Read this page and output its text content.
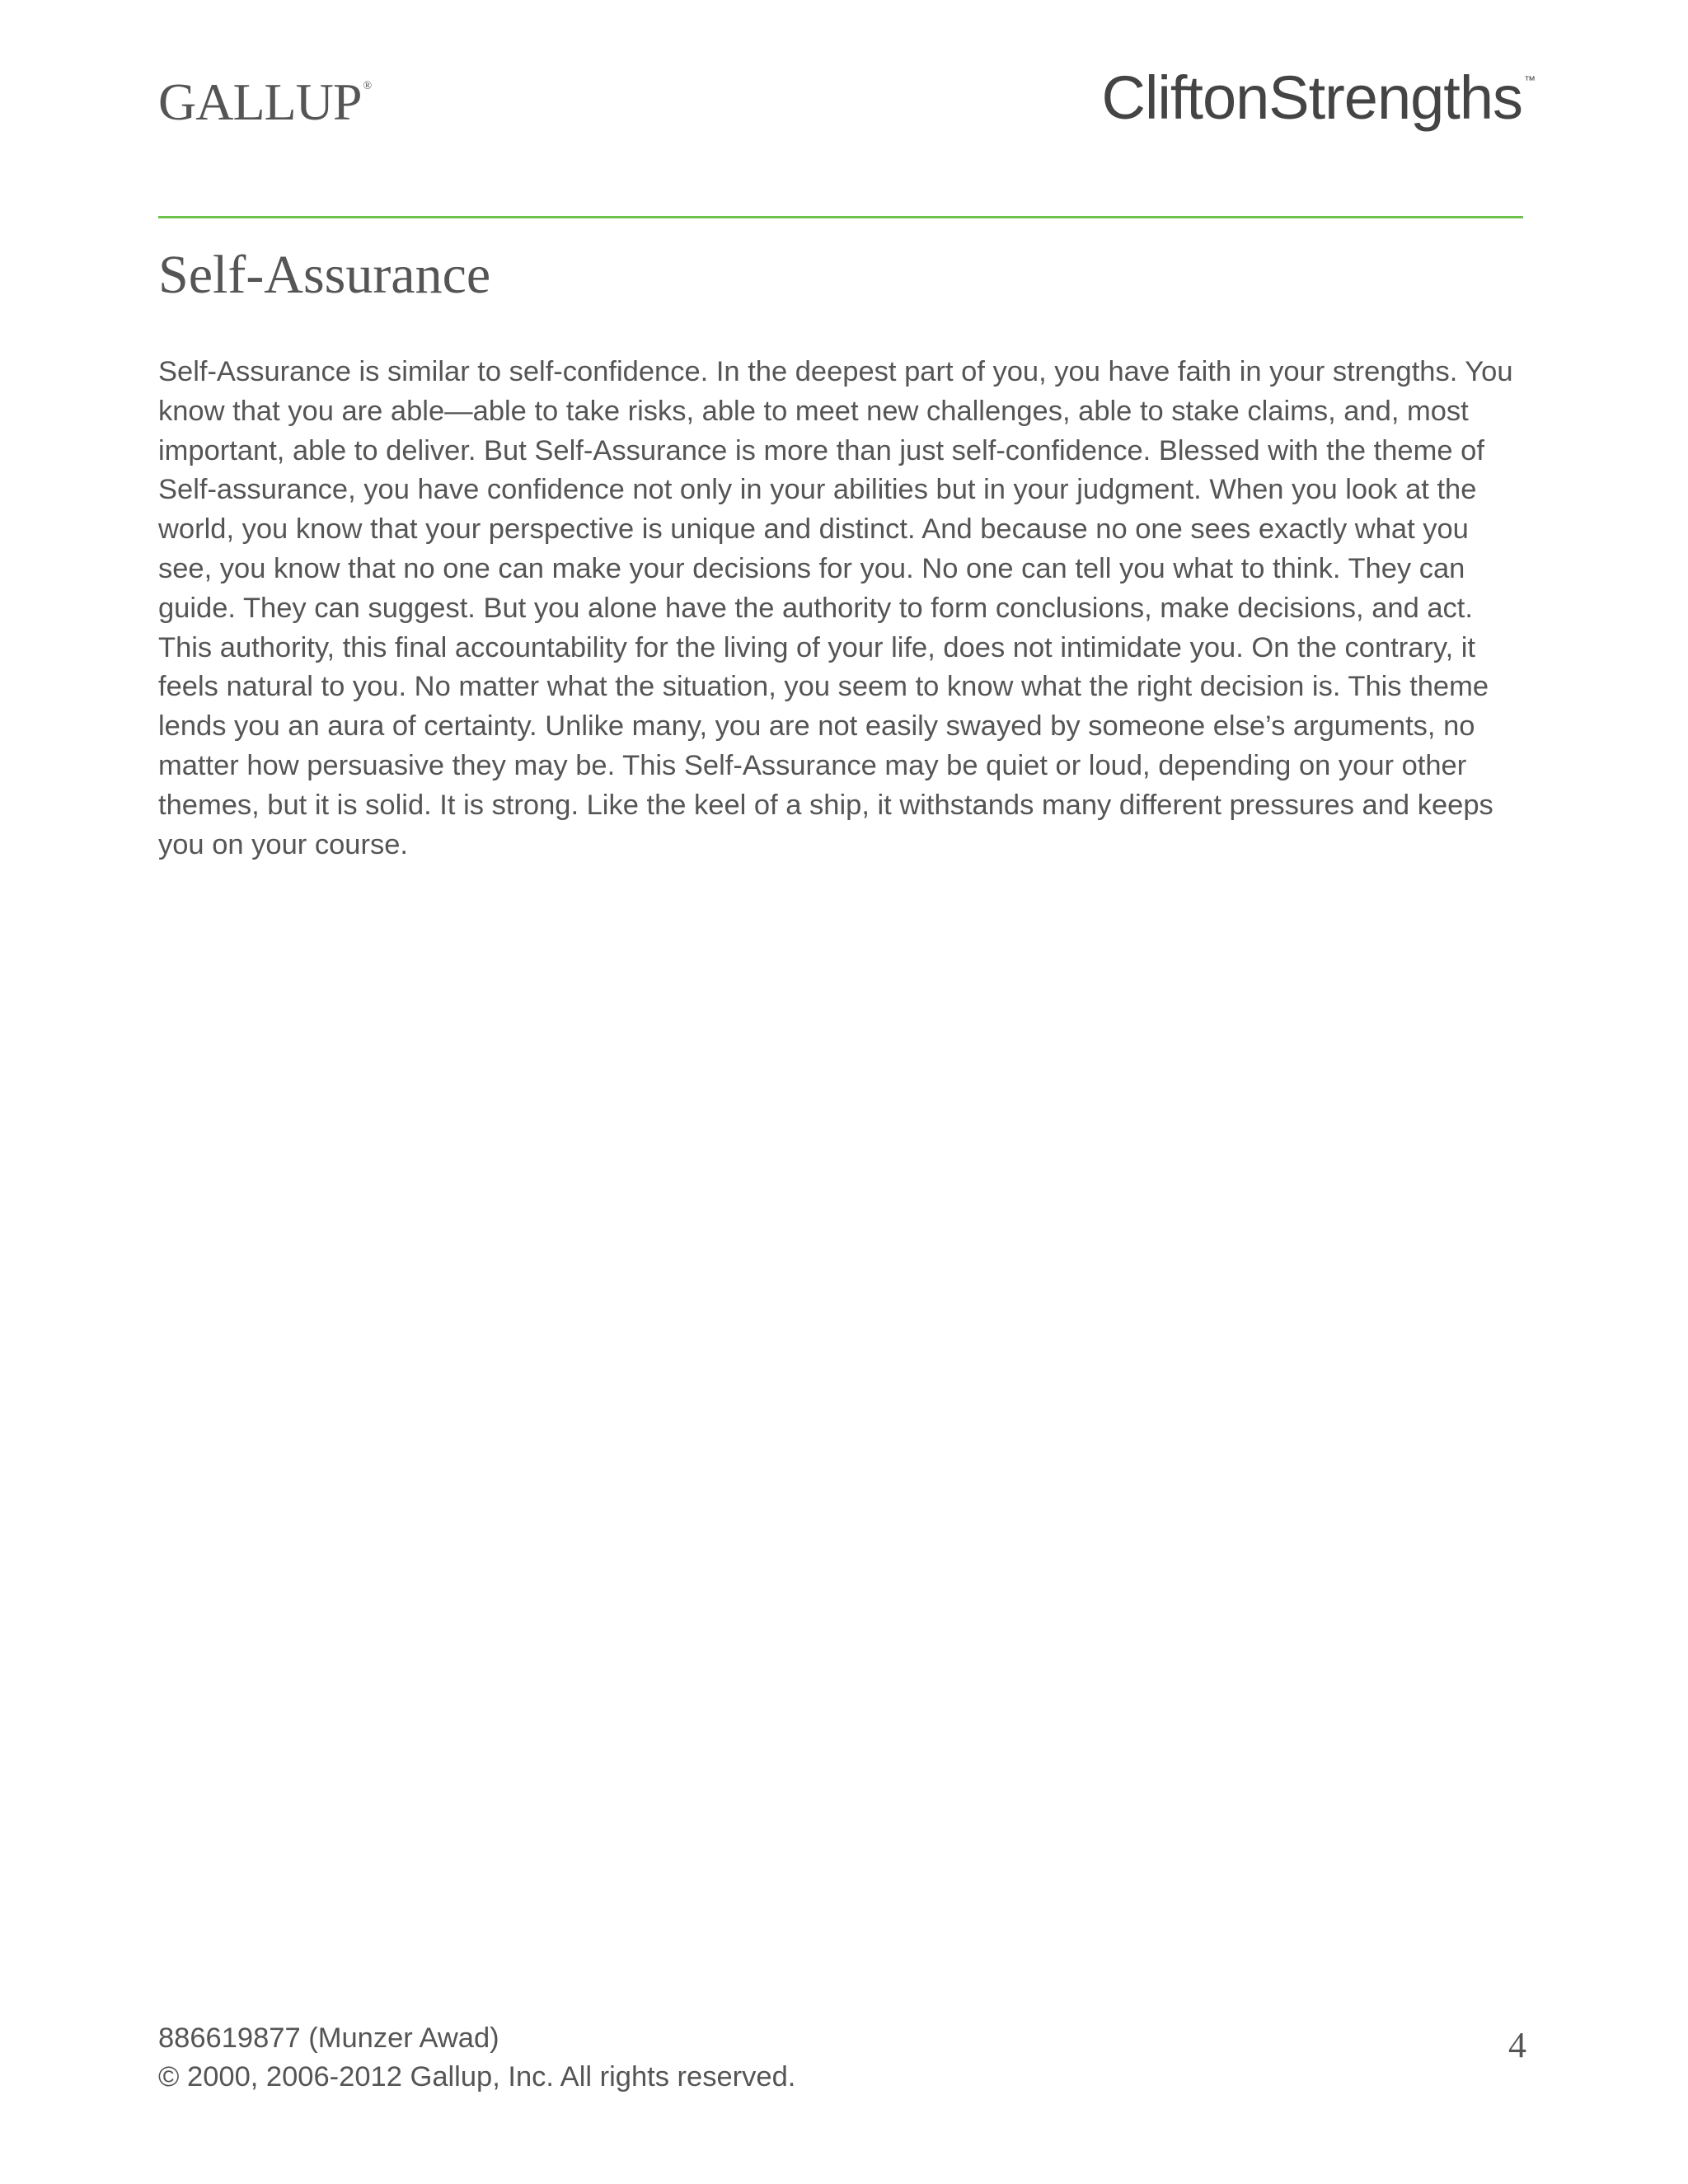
GALLUP ®	CliftonStrengths ™
Self-Assurance

Self-Assurance is similar to self-confidence. In the deepest part of you, you have faith in your strengths. You know that you are able—able to take risks, able to meet new challenges, able to stake claims, and, most important, able to deliver. But Self-Assurance is more than just self-confidence. Blessed with the theme of Self-assurance, you have confidence not only in your abilities but in your judgment. When you look at the world, you know that your perspective is unique and distinct. And because no one sees exactly what you see, you know that no one can make your decisions for you. No one can tell you what to think. They can guide. They can suggest. But you alone have the authority to form conclusions, make decisions, and act. This authority, this final accountability for the living of your life, does not intimidate you. On the contrary, it feels natural to you. No matter what the situation, you seem to know what the right decision is. This theme lends you an aura of certainty. Unlike many, you are not easily swayed by someone else’s arguments, no matter how persuasive they may be. This Self-Assurance may be quiet or loud, depending on your other themes, but it is solid. It is strong. Like the keel of a ship, it withstands many different pressures and keeps you on your course.

886619877 (Munzer Awad)
© 2000, 2006-2012 Gallup, Inc. All rights reserved.
4
